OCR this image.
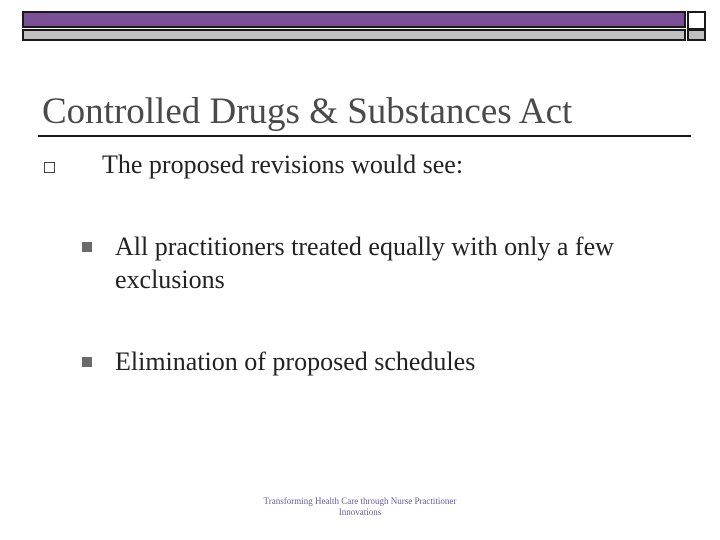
Controlled Drugs & Substances Act
The proposed revisions would see:
All practitioners treated equally with only a few exclusions
Elimination of proposed schedules
Transforming Health Care through Nurse Practitioner Innovations
